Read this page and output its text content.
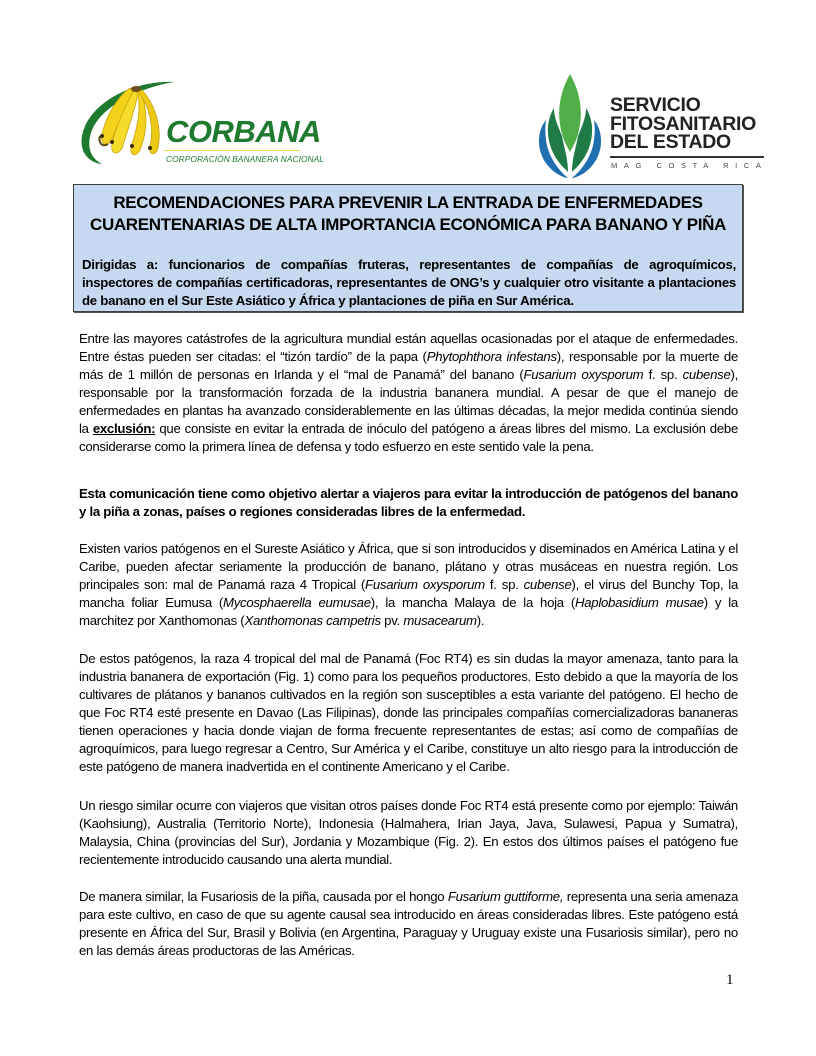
CORBANA
CORPORACIÓN BANANERA NACIONAL
SERVICIO
FITOSANITARIO
DEL ESTADO
MAG COSTA RICA
RECOMENDACIONES PARA PREVENIR LA ENTRADA DE ENFERMEDADES
CUARENTENARIAS DE ALTA IMPORTANCIA ECONÓMICA PARA BANANO Y PIÑA
Dirigidas a: funcionarios de compañías fruteras, representantes de compañías de agroquímicos, inspectores de compañías certificadoras, representantes de ONG’s y cualquier otro visitante a plantaciones de banano en el Sur Este Asiático y África y plantaciones de piña en Sur América.

Entre las mayores catástrofes de la agricultura mundial están aquellas ocasionadas por el ataque de enfermedades. Entre éstas pueden ser citadas: el “tizón tardío” de la papa (Phytophthora infestans), responsable por la muerte de más de 1 millón de personas en Irlanda y el “mal de Panamá” del banano (Fusarium oxysporum f. sp. cubense), responsable por la transformación forzada de la industria bananera mundial. A pesar de que el manejo de enfermedades en plantas ha avanzado considerablemente en las últimas décadas, la mejor medida continúa siendo la exclusión: que consiste en evitar la entrada de inóculo del patógeno a áreas libres del mismo. La exclusión debe considerarse como la primera línea de defensa y todo esfuerzo en este sentido vale la pena.

Esta comunicación tiene como objetivo alertar a viajeros para evitar la introducción de patógenos del banano y la piña a zonas, países o regiones consideradas libres de la enfermedad.

Existen varios patógenos en el Sureste Asiático y África, que si son introducidos y diseminados en América Latina y el Caribe, pueden afectar seriamente la producción de banano, plátano y otras musáceas en nuestra región. Los principales son: mal de Panamá raza 4 Tropical (Fusarium oxysporum f. sp. cubense), el virus del Bunchy Top, la mancha foliar Eumusa (Mycosphaerella eumusae), la mancha Malaya de la hoja (Haplobasidium musae) y la marchitez por Xanthomonas (Xanthomonas campetris pv. musacearum).

De estos patógenos, la raza 4 tropical del mal de Panamá (Foc RT4) es sin dudas la mayor amenaza, tanto para la industria bananera de exportación (Fig. 1) como para los pequeños productores. Esto debido a que la mayoría de los cultivares de plátanos y bananos cultivados en la región son susceptibles a esta variante del patógeno. El hecho de que Foc RT4 esté presente en Davao (Las Filipinas), donde las principales compañías comercializadoras bananeras tienen operaciones y hacia donde viajan de forma frecuente representantes de estas; así como de compañías de agroquímicos, para luego regresar a Centro, Sur América y el Caribe, constituye un alto riesgo para la introducción de este patógeno de manera inadvertida en el continente Americano y el Caribe.

Un riesgo similar ocurre con viajeros que visitan otros países donde Foc RT4 está presente como por ejemplo: Taiwán (Kaohsiung), Australia (Territorio Norte), Indonesia (Halmahera, Irian Jaya, Java, Sulawesi, Papua y Sumatra), Malaysia, China (provincias del Sur), Jordania y Mozambique (Fig. 2). En estos dos últimos países el patógeno fue recientemente introducido causando una alerta mundial.

De manera similar, la Fusariosis de la piña, causada por el hongo Fusarium guttiforme, representa una seria amenaza para este cultivo, en caso de que su agente causal sea introducido en áreas consideradas libres. Este patógeno está presente en África del Sur, Brasil y Bolivia (en Argentina, Paraguay y Uruguay existe una Fusariosis similar), pero no en las demás áreas productoras de las Américas.

1
